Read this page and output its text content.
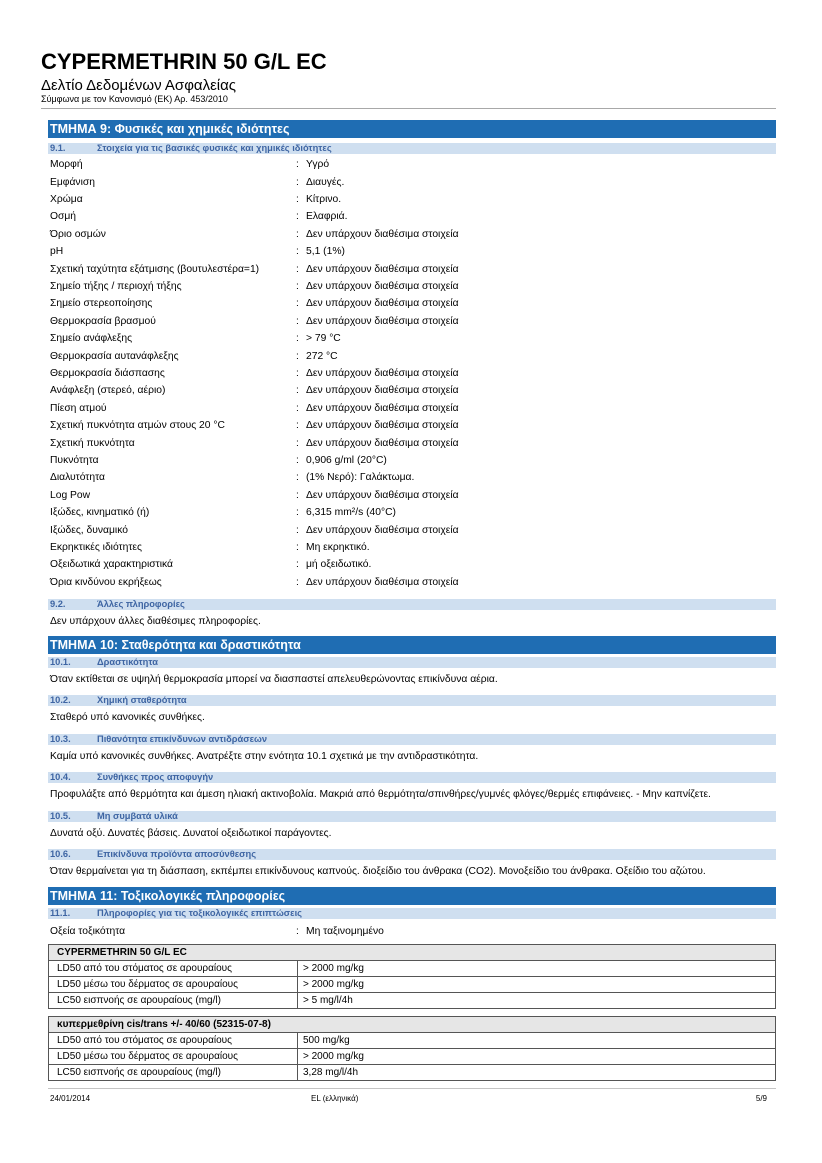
CYPERMETHRIN 50 G/L EC
Δελτίο Δεδομένων Ασφαλείας
Σύμφωνα με τον Κανονισμό (ΕΚ) Αρ. 453/2010
ΤΜΗΜΑ 9: Φυσικές και χημικές ιδιότητες
9.1.	Στοιχεία για τις βασικές φυσικές και χημικές ιδιότητες
Μορφή	: Υγρό
Εμφάνιση	: Διαυγές.
Χρώμα	: Κίτρινο.
Οσμή	: Ελαφριά.
Όριο οσμών	: Δεν υπάρχουν διαθέσιμα στοιχεία
pH	: 5,1 (1%)
Σχετική ταχύτητα εξάτμισης (βουτυλεστέρα=1)	: Δεν υπάρχουν διαθέσιμα στοιχεία
Σημείο τήξης / περιοχή τήξης	: Δεν υπάρχουν διαθέσιμα στοιχεία
Σημείο στερεοποίησης	: Δεν υπάρχουν διαθέσιμα στοιχεία
Θερμοκρασία βρασμού	: Δεν υπάρχουν διαθέσιμα στοιχεία
Σημείο ανάφλεξης	: > 79 °C
Θερμοκρασία αυτανάφλεξης	: 272 °C
Θερμοκρασία διάσπασης	: Δεν υπάρχουν διαθέσιμα στοιχεία
Ανάφλεξη (στερεό, αέριο)	: Δεν υπάρχουν διαθέσιμα στοιχεία
Πίεση ατμού	: Δεν υπάρχουν διαθέσιμα στοιχεία
Σχετική πυκνότητα ατμών στους 20 °C	: Δεν υπάρχουν διαθέσιμα στοιχεία
Σχετική πυκνότητα	: Δεν υπάρχουν διαθέσιμα στοιχεία
Πυκνότητα	: 0,906 g/ml (20°C)
Διαλυτότητα	: (1% Νερό): Γαλάκτωμα.
Log Pow	: Δεν υπάρχουν διαθέσιμα στοιχεία
Ιξώδες, κινηματικό (ή)	: 6,315 mm²/s (40°C)
Ιξώδες, δυναμικό	: Δεν υπάρχουν διαθέσιμα στοιχεία
Εκρηκτικές ιδιότητες	: Μη εκρηκτικό.
Οξειδωτικά χαρακτηριστικά	: μή οξειδωτικό.
Όρια κινδύνου εκρήξεως	: Δεν υπάρχουν διαθέσιμα στοιχεία
9.2.	Άλλες πληροφορίες
Δεν υπάρχουν άλλες διαθέσιμες πληροφορίες.
ΤΜΗΜΑ 10: Σταθερότητα και δραστικότητα
10.1.	Δραστικότητα
Όταν εκτίθεται σε υψηλή θερμοκρασία μπορεί να διασπαστεί απελευθερώνοντας επικίνδυνα αέρια.
10.2.	Χημική σταθερότητα
Σταθερό υπό κανονικές συνθήκες.
10.3.	Πιθανότητα επικίνδυνων αντιδράσεων
Καμία υπό κανονικές συνθήκες. Ανατρέξτε στην ενότητα 10.1 σχετικά με την αντιδραστικότητα.
10.4.	Συνθήκες προς αποφυγήν
Προφυλάξτε από θερμότητα και άμεση ηλιακή ακτινοβολία. Μακριά από θερμότητα/σπινθήρες/γυμνές φλόγες/θερμές επιφάνειες. - Μην καπνίζετε.
10.5.	Μη συμβατά υλικά
Δυνατά οξύ. Δυνατές βάσεις. Δυνατοί οξειδωτικοί παράγοντες.
10.6.	Επικίνδυνα προϊόντα αποσύνθεσης
Όταν θερμαίνεται για τη διάσπαση, εκπέμπει επικίνδυνους καπνούς. διοξείδιο του άνθρακα (CO2). Μονοξείδιο του άνθρακα. Οξείδιο του αζώτου.
ΤΜΗΜΑ 11: Τοξικολογικές πληροφορίες
11.1.	Πληροφορίες για τις τοξικολογικές επιπτώσεις
Οξεία τοξικότητα	: Μη ταξινομημένο
CYPERMETHRIN 50 G/L EC
LD50 από του στόματος σε αρουραίους	> 2000 mg/kg
LD50 μέσω του δέρματος σε αρουραίους	> 2000 mg/kg
LC50 εισπνοής σε αρουραίους (mg/l)	> 5 mg/l/4h
κυπερμεθρίνη cis/trans +/- 40/60 (52315-07-8)
LD50 από του στόματος σε αρουραίους	500 mg/kg
LD50 μέσω του δέρματος σε αρουραίους	> 2000 mg/kg
LC50 εισπνοής σε αρουραίους (mg/l)	3,28 mg/l/4h
24/01/2014	EL (ελληνικά)	5/9
